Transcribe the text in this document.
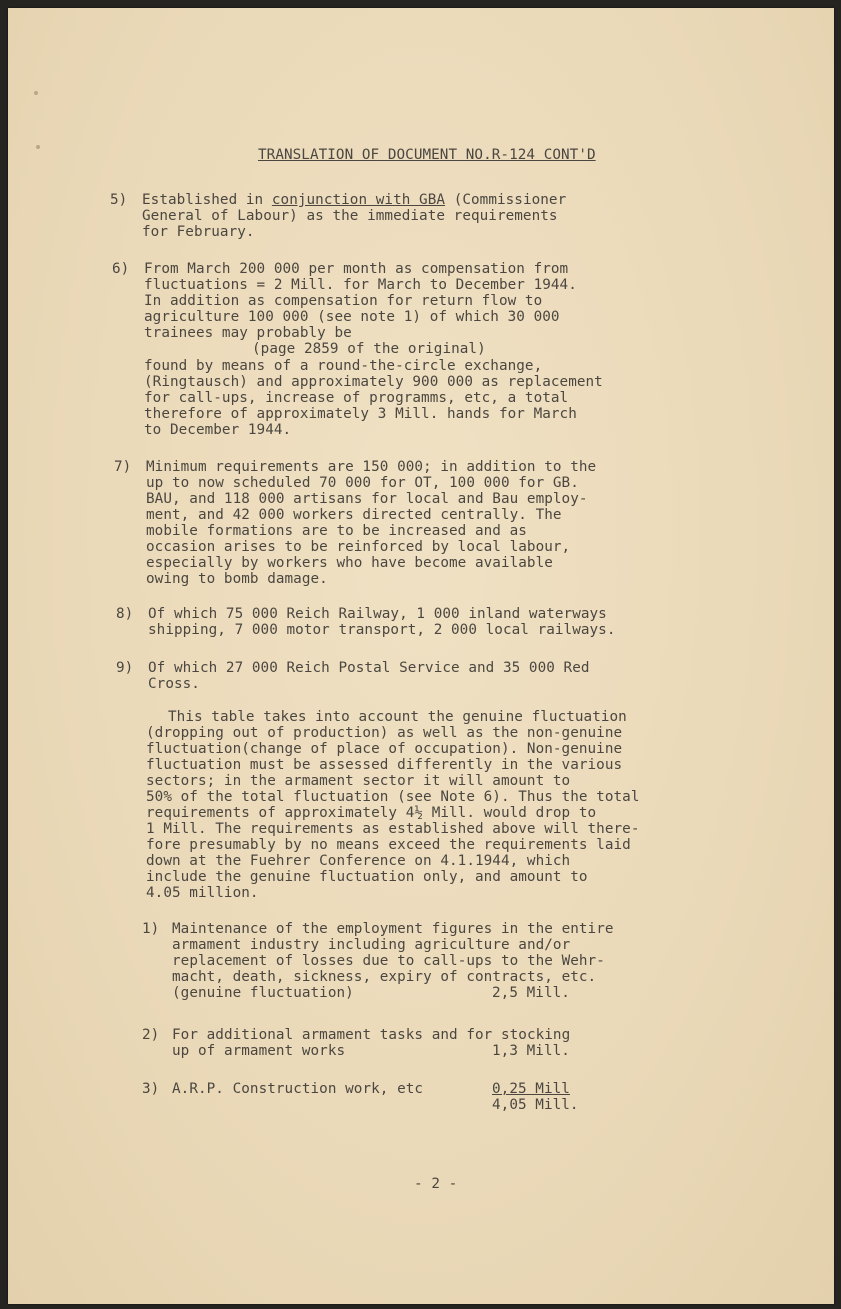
TRANSLATION OF DOCUMENT NO.R-124 CONT'D

5) Established in conjunction with GBA (Commissioner

General of Labour) as the immediate requirements

for February.

6) From March 200 000 per month as compensation from

fluctuations = 2 Mill. for March to December 1944.

In addition as compensation for return flow to

agriculture 100 000 (see note 1) of which 30 000

trainees may probably be

(page 2859 of the original)

found by means of a round-the-circle exchange,

(Ringtausch) and approximately 900 000 as replacement

for call-ups, increase of programms, etc, a total

therefore of approximately 3 Mill. hands for March

to December 1944.

7) Minimum requirements are 150 000; in addition to the

up to now scheduled 70 000 for OT, 100 000 for GB.

BAU, and 118 000 artisans for local and Bau employ-

ment, and 42 000 workers directed centrally. The

mobile formations are to be increased and as

occasion arises to be reinforced by local labour,

especially by workers who have become available

owing to bomb damage.

8) Of which 75 000 Reich Railway, 1 000 inland waterways

shipping, 7 000 motor transport, 2 000 local railways.

9) Of which 27 000 Reich Postal Service and 35 000 Red

Cross.

This table takes into account the genuine fluctuation

(dropping out of production) as well as the non-genuine

fluctuation(change of place of occupation). Non-genuine

fluctuation must be assessed differently in the various

sectors; in the armament sector it will amount to

50% of the total fluctuation (see Note 6). Thus the total

requirements of approximately 4½ Mill. would drop to

1 Mill. The requirements as established above will there-

fore presumably by no means exceed the requirements laid

down at the Fuehrer Conference on 4.1.1944, which

include the genuine fluctuation only, and amount to

4.05 million.

1) Maintenance of the employment figures in the entire

armament industry including agriculture and/or

replacement of losses due to call-ups to the Wehr-

macht, death, sickness, expiry of contracts, etc.

(genuine fluctuation)	2,5 Mill.

2) For additional armament tasks and for stocking

up of armament works	1,3 Mill.

3) A.R.P. Construction work, etc	0,25 Mill

4,05 Mill.

- 2 -
